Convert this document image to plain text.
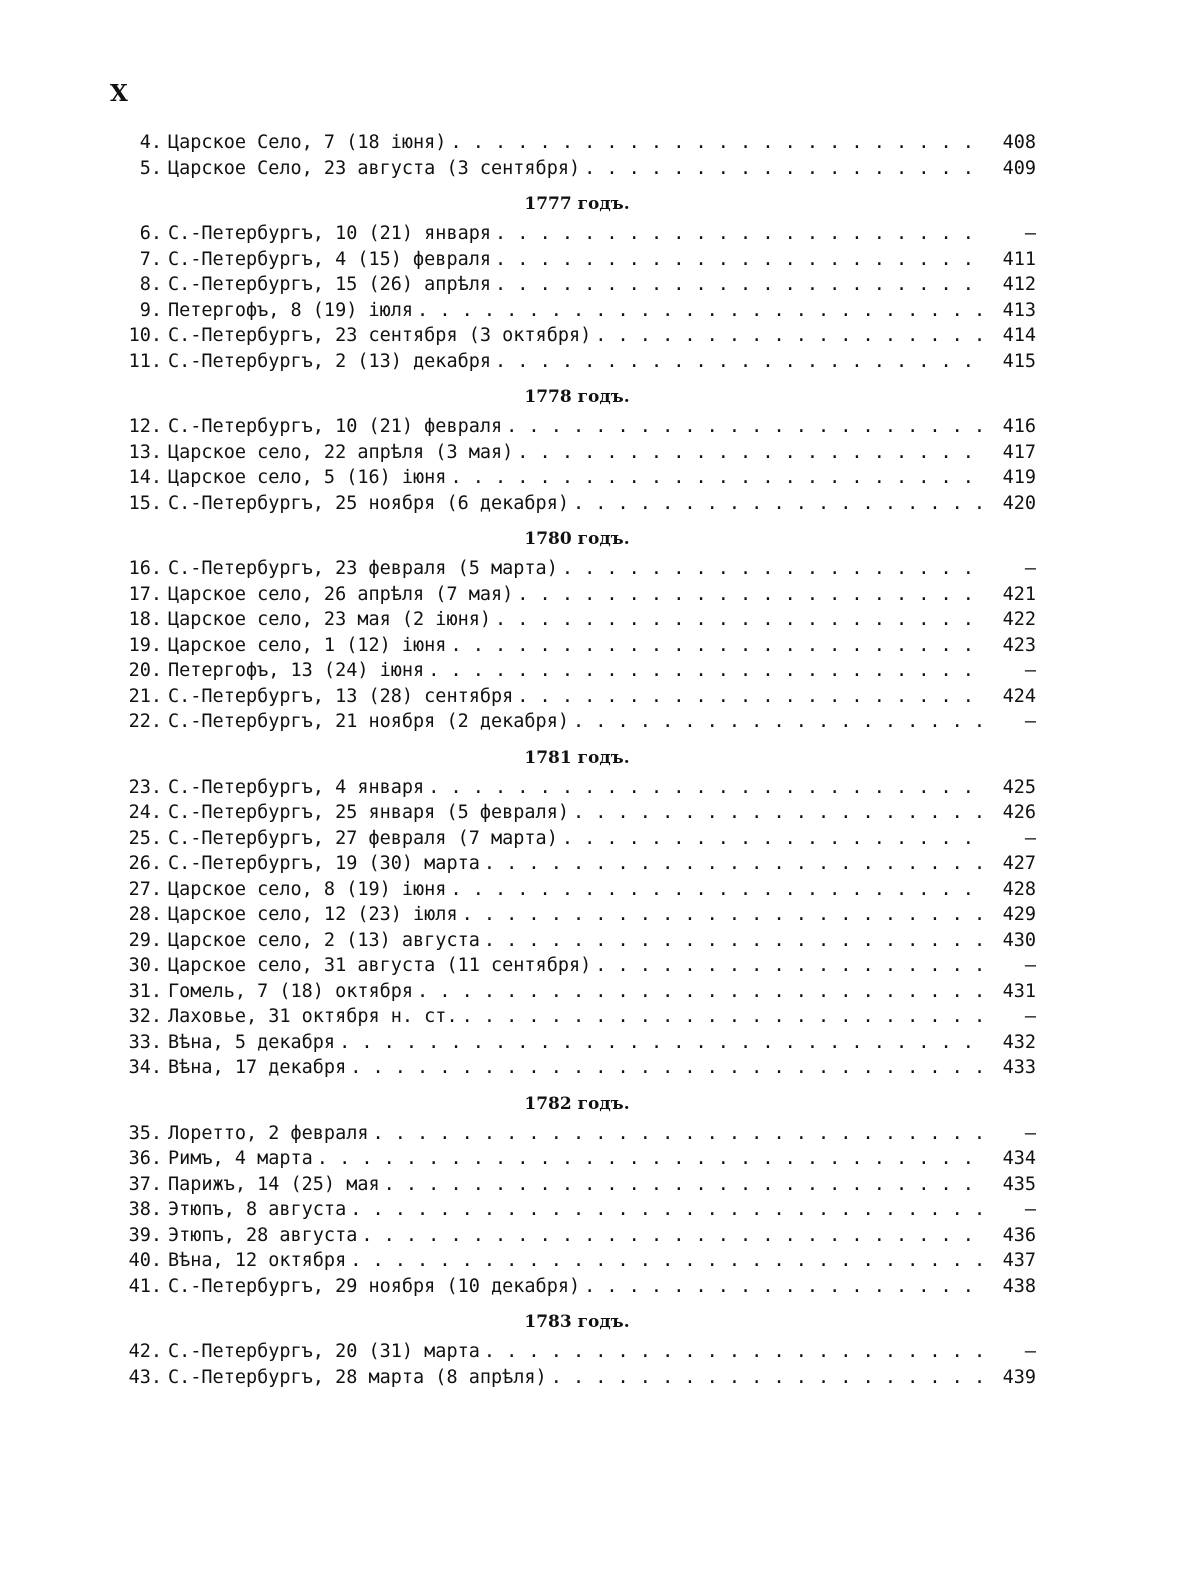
X
4. Царское Село, 7 (18 іюня) . . .	408
5. Царское Село, 23 августа (3 сентября) . . .	409
1777 годъ.
6. С.-Петербургъ, 10 (21) января . . .	—
7. С.-Петербургъ, 4 (15) февраля . . .	411
8. С.-Петербургъ, 15 (26) апрѣля . . .	412
9. Петергофъ, 8 (19) іюля . . .	413
10. С.-Петербургъ, 23 сентября (3 октября) . . .	414
11. С.-Петербургъ, 2 (13) декабря . . .	415
1778 годъ.
12. С.-Петербургъ, 10 (21) февраля . . .	416
13. Царское село, 22 апрѣля (3 мая) . . .	417
14. Царское село, 5 (16) іюня . . .	419
15. С.-Петербургъ, 25 ноября (6 декабря) . . .	420
1780 годъ.
16. С.-Петербургъ, 23 февраля (5 марта) . . .	—
17. Царское село, 26 апрѣля (7 мая) . . .	421
18. Царское село, 23 мая (2 іюня) . . .	422
19. Царское село, 1 (12) іюня . . .	423
20. Петергофъ, 13 (24) іюня . . .	—
21. С.-Петербургъ, 13 (28) сентября . . .	424
22. С.-Петербургъ, 21 ноября (2 декабря) . . .	—
1781 годъ.
23. С.-Петербургъ, 4 января . . .	425
24. С.-Петербургъ, 25 января (5 февраля) . . .	426
25. С.-Петербургъ, 27 февраля (7 марта) . . .	—
26. С.-Петербургъ, 19 (30) марта . . .	427
27. Царское село, 8 (19) іюня . . .	428
28. Царское село, 12 (23) іюля . . .	429
29. Царское село, 2 (13) августа . . .	430
30. Царское село, 31 августа (11 сентября) . . .	—
31. Гомель, 7 (18) октября . . .	431
32. Лаховье, 31 октября н. ст. . . .	—
33. Вѣна, 5 декабря . . .	432
34. Вѣна, 17 декабря . . .	433
1782 годъ.
35. Лоретто, 2 февраля . . .	—
36. Римъ, 4 марта . . .	434
37. Парижъ, 14 (25) мая . . .	435
38. Этюпъ, 8 августа . . .	—
39. Этюпъ, 28 августа . . .	436
40. Вѣна, 12 октября . . .	437
41. С.-Петербургъ, 29 ноября (10 декабря) . . .	438
1783 годъ.
42. С.-Петербургъ, 20 (31) марта . . .	—
43. С.-Петербургъ, 28 марта (8 апрѣля) . . .	439
